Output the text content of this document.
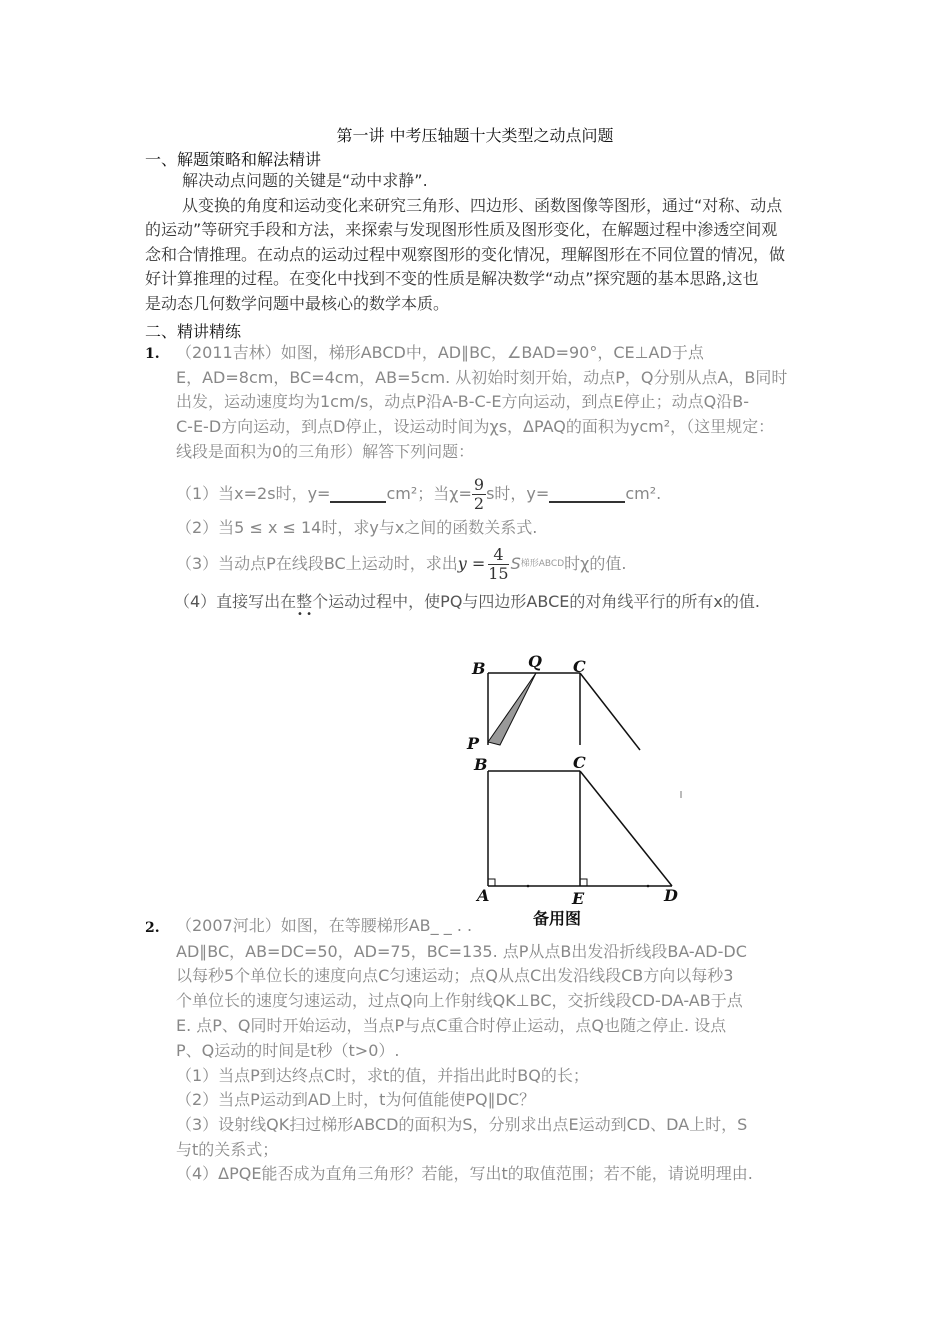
第一讲 中考压轴题十大类型之动点问题
一、解题策略和解法精讲
解决动点问题的关键是“动中求静”.
从变换的角度和运动变化来研究三角形、四边形、函数图像等图形，通过“对称、动点
的运动”等研究手段和方法，来探索与发现图形性质及图形变化，在解题过程中渗透空间观
念和合情推理。在动点的运动过程中观察图形的变化情况，理解图形在不同位置的情况，做
好计算推理的过程。在变化中找到不变的性质是解决数学“动点”探究题的基本思路,这也
是动态几何数学问题中最核心的数学本质。
二、精讲精练
1. （2011吉林）如图，梯形ABCD中，AD∥BC，∠BAD=90°，CE⊥AD于点
E，AD=8cm，BC=4cm，AB=5cm. 从初始时刻开始，动点P，Q分别从点A，B同时
出发，运动速度均为1cm/s，动点P沿A-B-C-E方向运动，到点E停止；动点Q沿B-
C-E-D方向运动，到点D停止，设运动时间为χs，ΔPAQ的面积为ycm²，（这里规定：
线段是面积为0的三角形）解答下列问题：
（1）当x=2s时，y=	cm²；当$\chi= \frac{9}{2}$ s时，y=	cm².
（2）当5 ≤ x ≤ 14时，求y与x之间的函数关系式.
（3）当动点P在线段BC上运动时，求出 $y = \frac{4}{15}$ S 梯形ABCD 时χ的值.
（4）直接写出在整个运动过程中，使PQ与四边形ABCE的对角线平行的所有x的值.
• •
B	Q C
P
B	C
A	E	D
备用图
2. （2007河北）如图，在等腰梯形AB_ _ . .
AD∥BC，AB=DC=50，AD=75，BC=135. 点P从点B出发沿折线段BA-AD-DC
以每秒5个单位长的速度向点C匀速运动；点Q从点C出发沿线段CB方向以每秒3
个单位长的速度匀速运动，过点Q向上作射线QK⊥BC，交折线段CD-DA-AB于点
E. 点P、Q同时开始运动，当点P与点C重合时停止运动，点Q也随之停止. 设点
P、Q运动的时间是t秒（t>0）.
（1）当点P到达终点C时，求t的值，并指出此时BQ的长；
（2）当点P运动到AD上时，t为何值能使PQ∥DC？
（3）设射线QK扫过梯形ABCD的面积为S，分别求出点E运动到CD、DA上时，S
与t的关系式；
（4）ΔPQE能否成为直角三角形？若能，写出t的取值范围；若不能，请说明理由.
